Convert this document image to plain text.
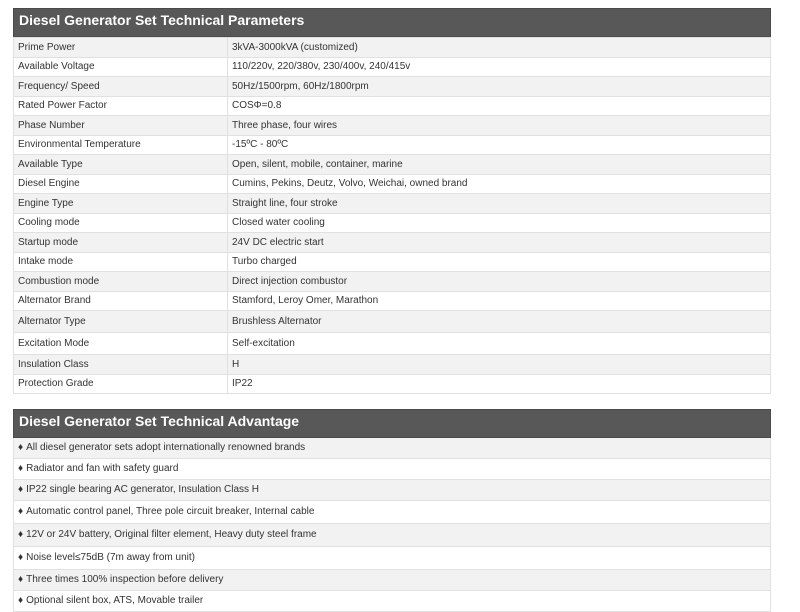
Diesel Generator Set Technical Parameters
Prime Power	3kVA-3000kVA (customized)
Available Voltage	110/220v, 220/380v, 230/400v, 240/415v
Frequency/ Speed	50Hz/1500rpm, 60Hz/1800rpm
Rated Power Factor	COSΦ=0.8
Phase Number	Three phase, four wires
Environmental Temperature	-15ºC - 80ºC
Available Type	Open, silent, mobile, container, marine
Diesel Engine	Cumins, Pekins, Deutz, Volvo, Weichai, owned brand
Engine Type	Straight line, four stroke
Cooling mode	Closed water cooling
Startup mode	24V DC electric start
Intake mode	Turbo charged
Combustion mode	Direct injection combustor
Alternator Brand	Stamford, Leroy Omer, Marathon
Alternator Type	Brushless Alternator
Excitation Mode	Self-excitation
Insulation Class	H
Protection Grade	IP22
Diesel Generator Set Technical Advantage
♦ All diesel generator sets adopt internationally renowned brands
♦ Radiator and fan with safety guard
♦ IP22 single bearing AC generator, Insulation Class H
♦ Automatic control panel, Three pole circuit breaker, Internal cable
♦ 12V or 24V battery, Original filter element, Heavy duty steel frame
♦ Noise level≤75dB (7m away from unit)
♦ Three times 100% inspection before delivery
♦ Optional silent box, ATS, Movable trailer
